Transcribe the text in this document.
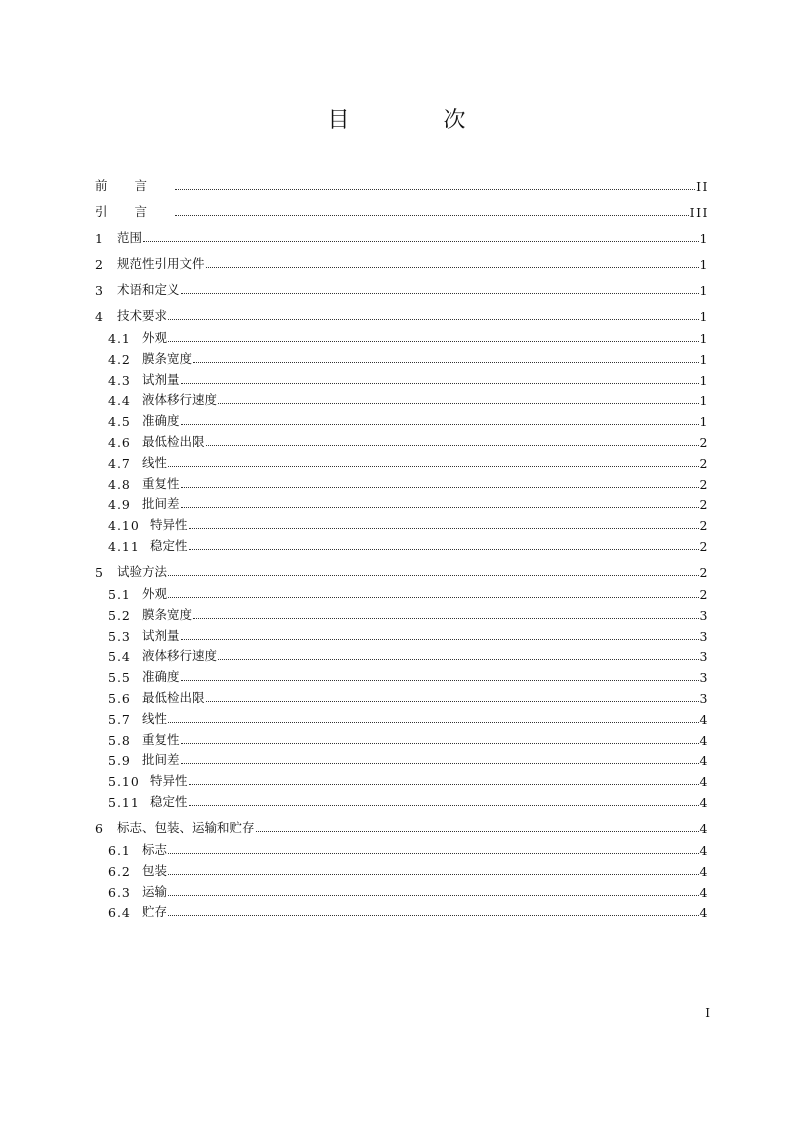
目　次
前言	II
引言	III
1	范围	1
2	规范性引用文件	1
3	术语和定义	1
4	技术要求	1
4.1 外观	1
4.2 膜条宽度	1
4.3 试剂量	1
4.4 液体移行速度	1
4.5 准确度	1
4.6 最低检出限	2
4.7 线性	2
4.8 重复性	2
4.9 批间差	2
4.10 特异性	2
4.11 稳定性	2
5	试验方法	2
5.1 外观	2
5.2 膜条宽度	3
5.3 试剂量	3
5.4 液体移行速度	3
5.5 准确度	3
5.6 最低检出限	3
5.7 线性	4
5.8 重复性	4
5.9 批间差	4
5.10 特异性	4
5.11 稳定性	4
6	标志、包装、运输和贮存	4
6.1 标志	4
6.2 包装	4
6.3 运输	4
6.4 贮存	4
I
